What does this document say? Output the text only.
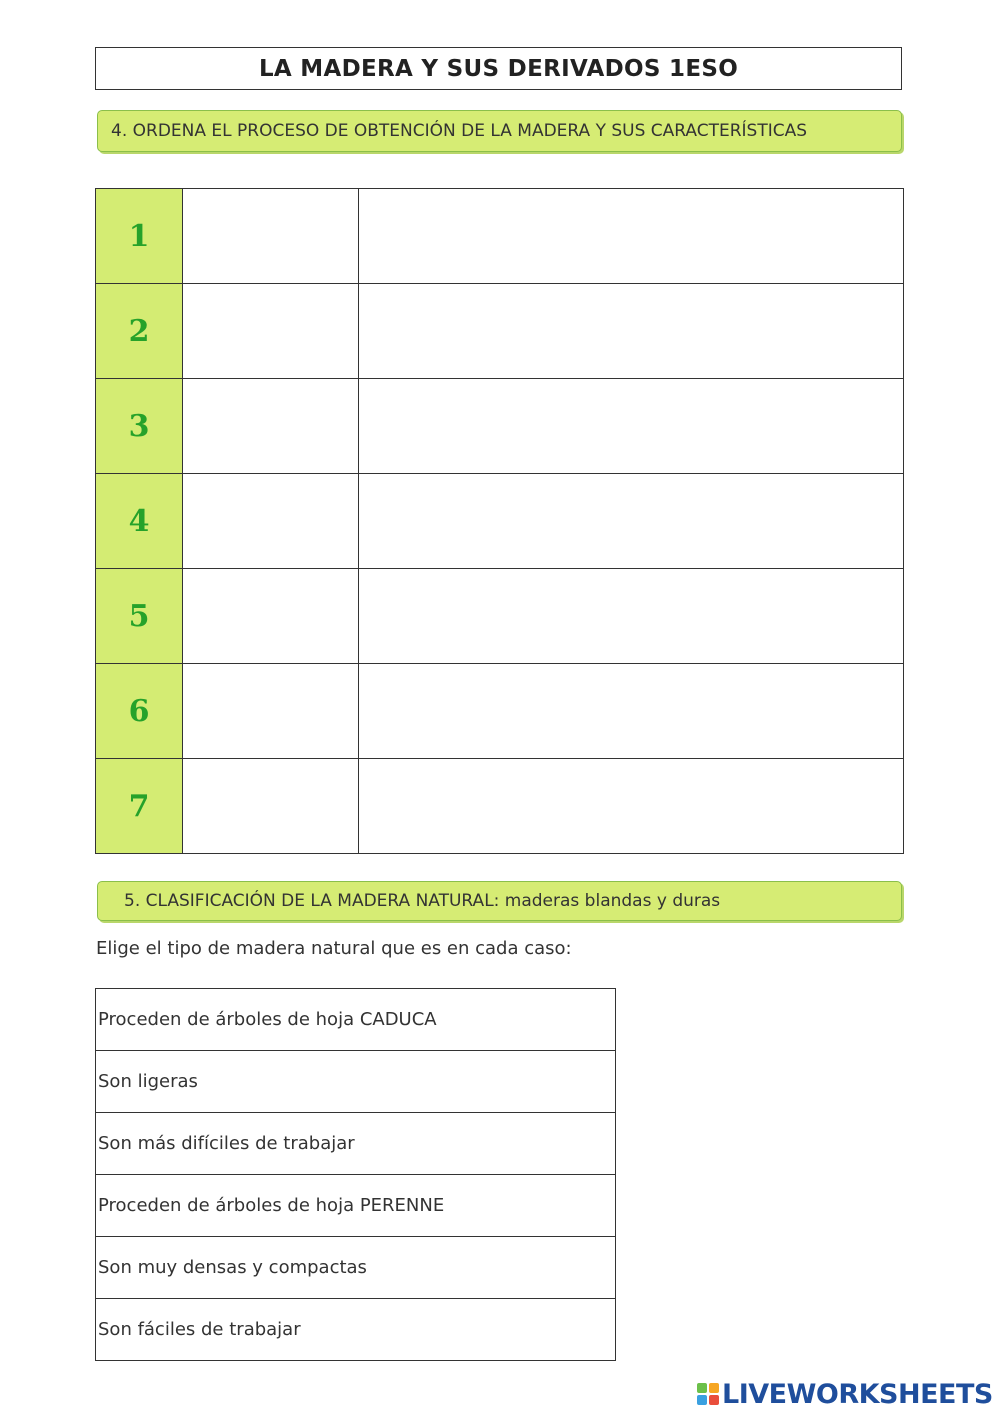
LA MADERA Y SUS DERIVADOS 1ESO
4. ORDENA EL PROCESO DE OBTENCIÓN DE LA MADERA Y SUS CARACTERÍSTICAS
1		
2		
3		
4		
5		
6		
7		
5. CLASIFICACIÓN DE LA MADERA NATURAL: maderas blandas y duras
Elige el tipo de madera natural que es en cada caso:
Proceden de árboles de hoja CADUCA
Son ligeras
Son más difíciles de trabajar
Proceden de árboles de hoja PERENNE
Son muy densas y compactas
Son fáciles de trabajar
LIVEWORKSHEETS
